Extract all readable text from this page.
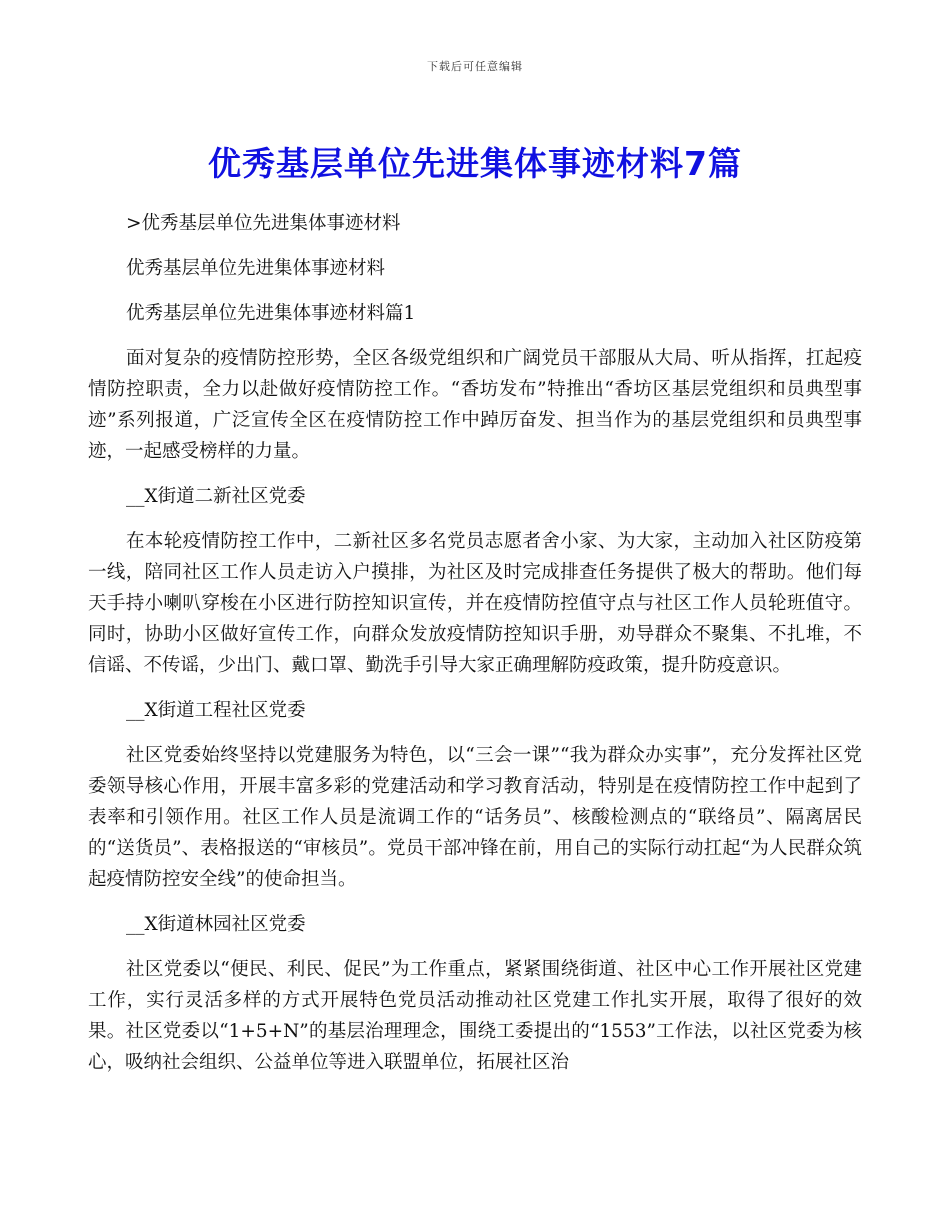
下载后可任意编辑
优秀基层单位先进集体事迹材料7篇

>优秀基层单位先进集体事迹材料

优秀基层单位先进集体事迹材料

优秀基层单位先进集体事迹材料篇1

面对复杂的疫情防控形势，全区各级党组织和广阔党员干部服从大局、听从指挥，扛起疫情防控职责，全力以赴做好疫情防控工作。“香坊发布”特推出“香坊区基层党组织和员典型事迹”系列报道，广泛宣传全区在疫情防控工作中踔厉奋发、担当作为的基层党组织和员典型事迹，一起感受榜样的力量。

__X街道二新社区党委

在本轮疫情防控工作中，二新社区多名党员志愿者舍小家、为大家，主动加入社区防疫第一线，陪同社区工作人员走访入户摸排，为社区及时完成排查任务提供了极大的帮助。他们每天手持小喇叭穿梭在小区进行防控知识宣传，并在疫情防控值守点与社区工作人员轮班值守。同时，协助小区做好宣传工作，向群众发放疫情防控知识手册，劝导群众不聚集、不扎堆，不信谣、不传谣，少出门、戴口罩、勤洗手引导大家正确理解防疫政策，提升防疫意识。

__X街道工程社区党委

社区党委始终坚持以党建服务为特色，以“三会一课”“我为群众办实事”，充分发挥社区党委领导核心作用，开展丰富多彩的党建活动和学习教育活动，特别是在疫情防控工作中起到了表率和引领作用。社区工作人员是流调工作的“话务员”、核酸检测点的“联络员”、隔离居民的“送货员”、表格报送的“审核员”。党员干部冲锋在前，用自己的实际行动扛起“为人民群众筑起疫情防控安全线”的使命担当。

__X街道林园社区党委

社区党委以“便民、利民、促民”为工作重点，紧紧围绕街道、社区中心工作开展社区党建工作，实行灵活多样的方式开展特色党员活动推动社区党建工作扎实开展，取得了很好的效果。社区党委以“1+5+N”的基层治理理念，围绕工委提出的“1553”工作法，以社区党委为核心，吸纳社会组织、公益单位等进入联盟单位，拓展社区治
